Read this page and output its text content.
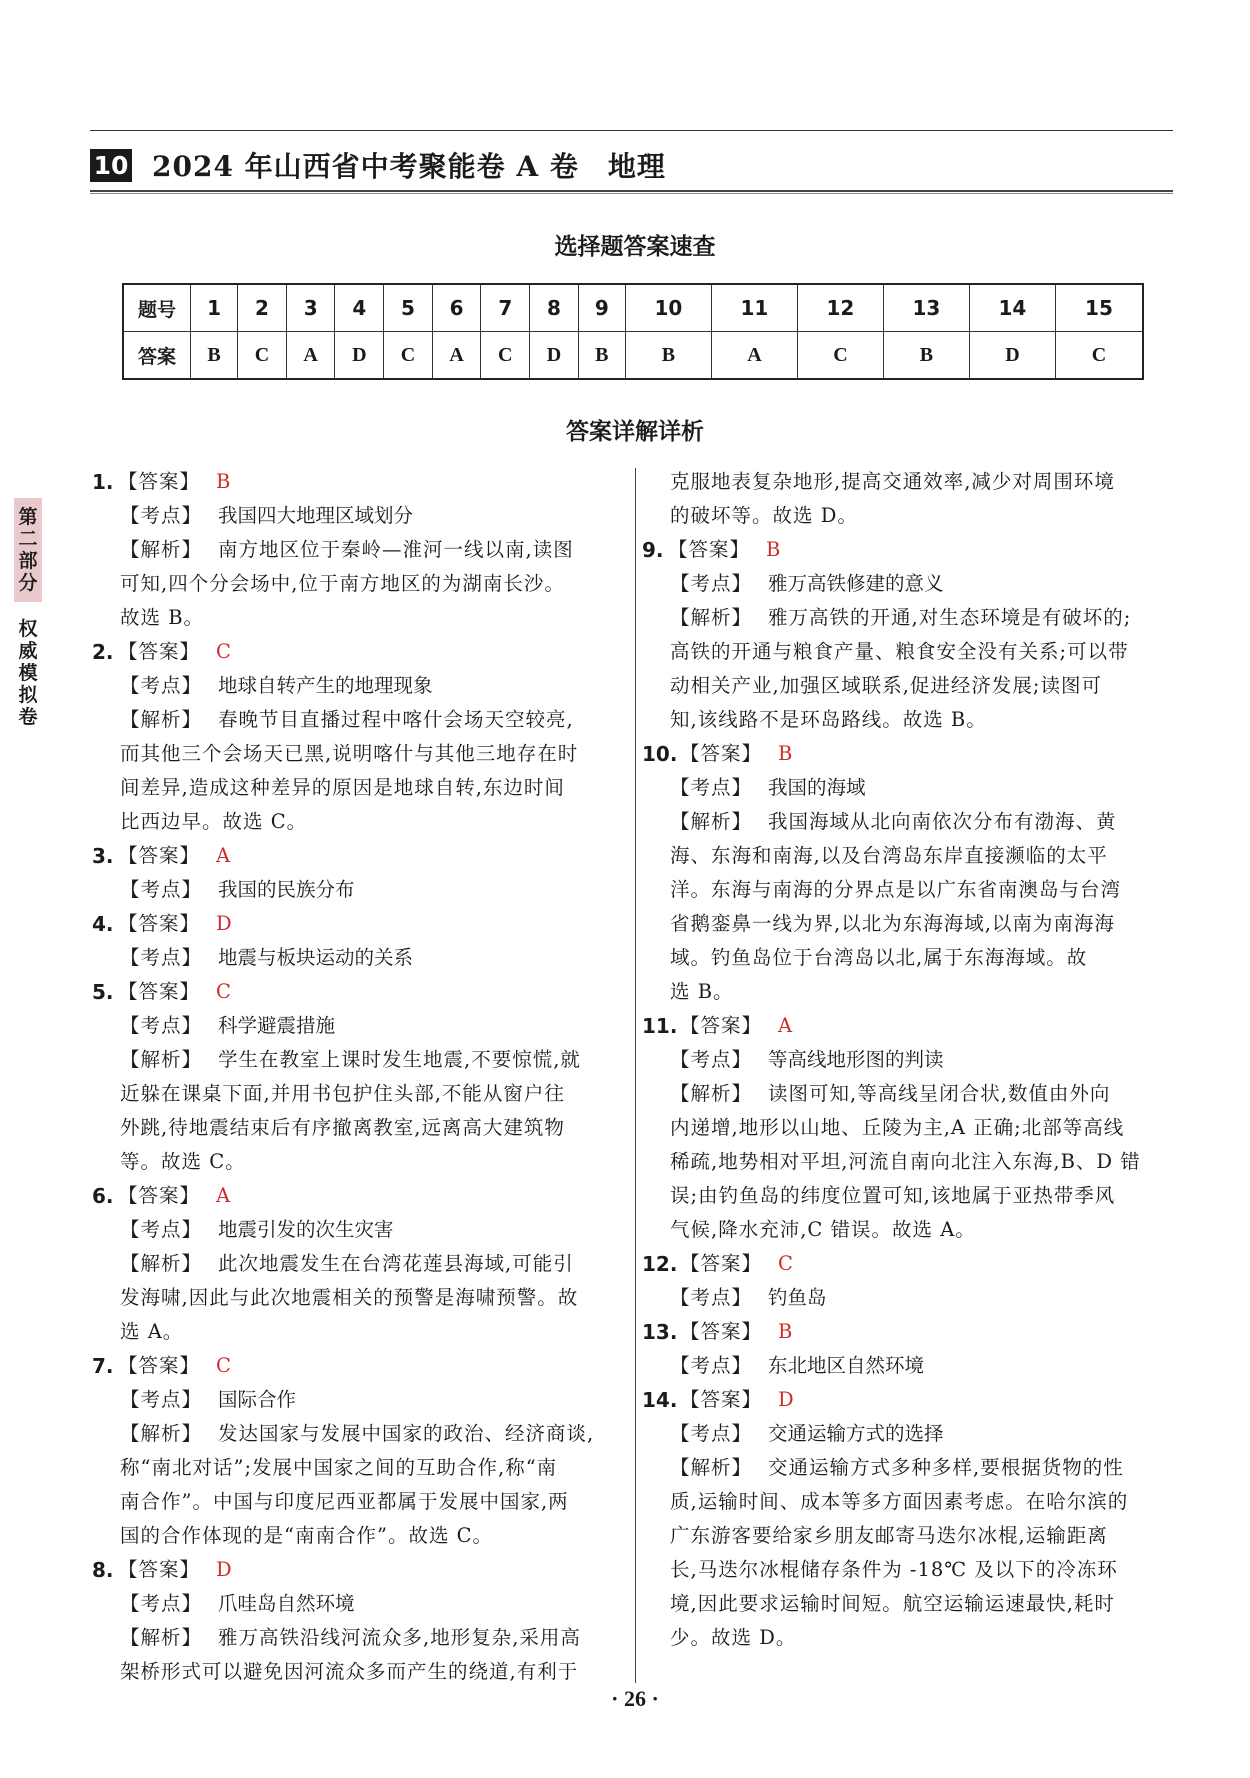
10 2024 年山西省中考聚能卷 A 卷　地理
选择题答案速查
题号	1	2	3	4	5	6	7	8	9	10	11	12	13	14	15
答案	B	C	A	D	C	A	C	D	B	B	A	C	B	D	C
答案详解详析
第二部分
权威模拟卷
1. 【答案】 B
【考点】 我国四大地理区域划分
【解析】 南方地区位于秦岭—淮河一线以南,读图
可知,四个分会场中,位于南方地区的为湖南长沙。
故选 B。
2. 【答案】 C
【考点】 地球自转产生的地理现象
【解析】 春晚节目直播过程中喀什会场天空较亮,
而其他三个会场天已黑,说明喀什与其他三地存在时
间差异,造成这种差异的原因是地球自转,东边时间
比西边早。故选 C。
3. 【答案】 A
【考点】 我国的民族分布
4. 【答案】 D
【考点】 地震与板块运动的关系
5. 【答案】 C
【考点】 科学避震措施
【解析】 学生在教室上课时发生地震,不要惊慌,就
近躲在课桌下面,并用书包护住头部,不能从窗户往
外跳,待地震结束后有序撤离教室,远离高大建筑物
等。故选 C。
6. 【答案】 A
【考点】 地震引发的次生灾害
【解析】 此次地震发生在台湾花莲县海域,可能引
发海啸,因此与此次地震相关的预警是海啸预警。故
选 A。
7. 【答案】 C
【考点】 国际合作
【解析】 发达国家与发展中国家的政治、经济商谈,
称“南北对话”;发展中国家之间的互助合作,称“南
南合作”。中国与印度尼西亚都属于发展中国家,两
国的合作体现的是“南南合作”。故选 C。
8. 【答案】 D
【考点】 爪哇岛自然环境
【解析】 雅万高铁沿线河流众多,地形复杂,采用高
架桥形式可以避免因河流众多而产生的绕道,有利于
克服地表复杂地形,提高交通效率,减少对周围环境
的破坏等。故选 D。
9. 【答案】 B
【考点】 雅万高铁修建的意义
【解析】 雅万高铁的开通,对生态环境是有破坏的;
高铁的开通与粮食产量、粮食安全没有关系;可以带
动相关产业,加强区域联系,促进经济发展;读图可
知,该线路不是环岛路线。故选 B。
10. 【答案】 B
【考点】 我国的海域
【解析】 我国海域从北向南依次分布有渤海、黄
海、东海和南海,以及台湾岛东岸直接濒临的太平
洋。东海与南海的分界点是以广东省南澳岛与台湾
省鹅銮鼻一线为界,以北为东海海域,以南为南海海
域。钓鱼岛位于台湾岛以北,属于东海海域。故
选 B。
11. 【答案】 A
【考点】 等高线地形图的判读
【解析】 读图可知,等高线呈闭合状,数值由外向
内递增,地形以山地、丘陵为主,A 正确;北部等高线
稀疏,地势相对平坦,河流自南向北注入东海,B、D 错
误;由钓鱼岛的纬度位置可知,该地属于亚热带季风
气候,降水充沛,C 错误。故选 A。
12. 【答案】 C
【考点】 钓鱼岛
13. 【答案】 B
【考点】 东北地区自然环境
14. 【答案】 D
【考点】 交通运输方式的选择
【解析】 交通运输方式多种多样,要根据货物的性
质,运输时间、成本等多方面因素考虑。在哈尔滨的
广东游客要给家乡朋友邮寄马迭尔冰棍,运输距离
长,马迭尔冰棍储存条件为 -18℃ 及以下的冷冻环
境,因此要求运输时间短。航空运输运速最快,耗时
少。故选 D。
· 26 ·
